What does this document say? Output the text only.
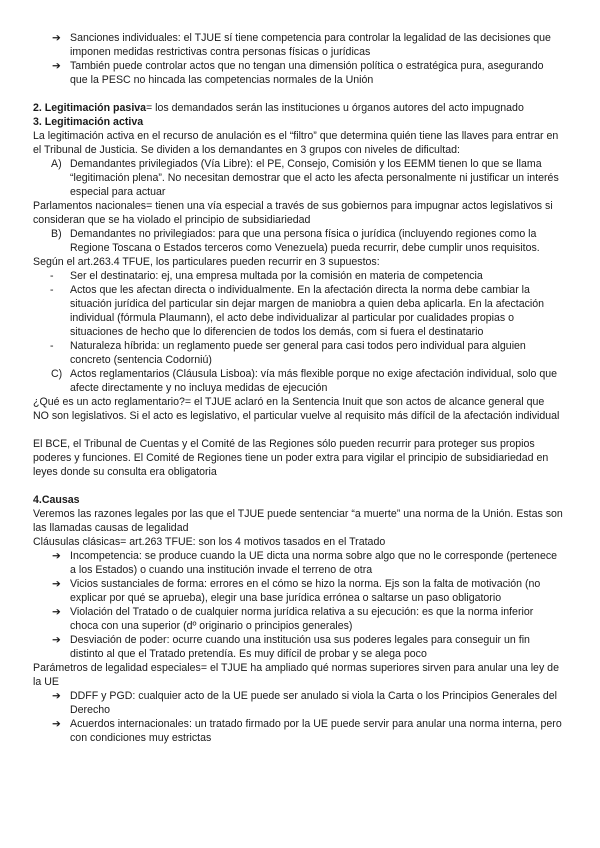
➔ Sanciones individuales: el TJUE sí tiene competencia para controlar la legalidad de las decisiones que imponen medidas restrictivas contra personas físicas o jurídicas
➔ También puede controlar actos que no tengan una dimensión política o estratégica pura, asegurando que la PESC no hincada las competencias normales de la Unión
2. Legitimación pasiva= los demandados serán las instituciones u órganos autores del acto impugnado
3. Legitimación activa
La legitimación activa en el recurso de anulación es el “filtro” que determina quién tiene las llaves para entrar en el Tribunal de Justicia. Se dividen a los demandantes en 3 grupos con niveles de dificultad:
A) Demandantes privilegiados (Vía Libre): el PE, Consejo, Comisión y los EEMM tienen lo que se llama “legitimación plena”. No necesitan demostrar que el acto les afecta personalmente ni justificar un interés especial para actuar
Parlamentos nacionales= tienen una vía especial a través de sus gobiernos para impugnar actos legislativos si consideran que se ha violado el principio de subsidiariedad
B) Demandantes no privilegiados: para que una persona física o jurídica (incluyendo regiones como la Regione Toscana o Estados terceros como Venezuela) pueda recurrir, debe cumplir unos requisitos.
Según el art.263.4 TFUE, los particulares pueden recurrir en 3 supuestos:
- Ser el destinatario: ej, una empresa multada por la comisión en materia de competencia
- Actos que les afectan directa o individualmente. En la afectación directa la norma debe cambiar la situación jurídica del particular sin dejar margen de maniobra a quien deba aplicarla. En la afectación individual (fórmula Plaumann), el acto debe individualizar al particular por cualidades propias o situaciones de hecho que lo diferencien de todos los demás, com si fuera el destinatario
- Naturaleza híbrida: un reglamento puede ser general para casi todos pero individual para alguien concreto (sentencia Codorniú)
C) Actos reglamentarios (Cláusula Lisboa): vía más flexible porque no exige afectación individual, solo que afecte directamente y no incluya medidas de ejecución
¿Qué es un acto reglamentario?= el TJUE aclaró en la Sentencia Inuit que son actos de alcance general que NO son legislativos. Si el acto es legislativo, el particular vuelve al requisito más difícil de la afectación individual
El BCE, el Tribunal de Cuentas y el Comité de las Regiones sólo pueden recurrir para proteger sus propios poderes y funciones. El Comité de Regiones tiene un poder extra para vigilar el principio de subsidiariedad en leyes donde su consulta era obligatoria
4.Causas
Veremos las razones legales por las que el TJUE puede sentenciar “a muerte” una norma de la Unión. Estas son las llamadas causas de legalidad
Cláusulas clásicas= art.263 TFUE: son los 4 motivos tasados en el Tratado
➔ Incompetencia: se produce cuando la UE dicta una norma sobre algo que no le corresponde (pertenece a los Estados) o cuando una institución invade el terreno de otra
➔ Vicios sustanciales de forma: errores en el cómo se hizo la norma. Ejs son la falta de motivación (no explicar por qué se aprueba), elegir una base jurídica errónea o saltarse un paso obligatorio
➔ Violación del Tratado o de cualquier norma jurídica relativa a su ejecución: es que la norma inferior choca con una superior (dº originario o principios generales)
➔ Desviación de poder: ocurre cuando una institución usa sus poderes legales para conseguir un fin distinto al que el Tratado pretendía. Es muy difícil de probar y se alega poco
Parámetros de legalidad especiales= el TJUE ha ampliado qué normas superiores sirven para anular una ley de la UE
➔ DDFF y PGD: cualquier acto de la UE puede ser anulado si viola la Carta o los Principios Generales del Derecho
➔ Acuerdos internacionales: un tratado firmado por la UE puede servir para anular una norma interna, pero con condiciones muy estrictas
